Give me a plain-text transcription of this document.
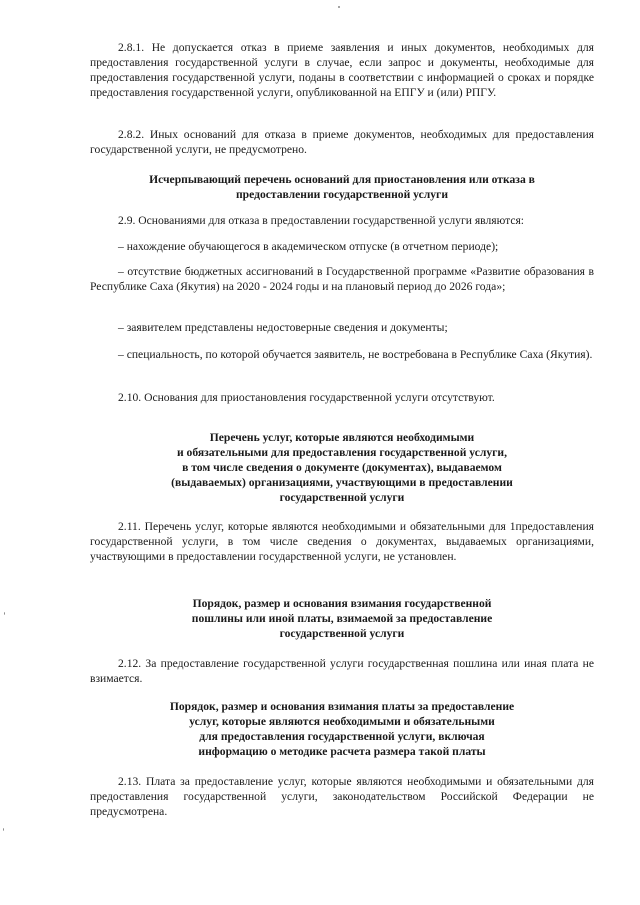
2.8.1. Не допускается отказ в приеме заявления и иных документов, необходимых для предоставления государственной услуги в случае, если запрос и документы, необходимые для предоставления государственной услуги, поданы в соответствии с информацией о сроках и порядке предоставления государственной услуги, опубликованной на ЕПГУ и (или) РПГУ.

2.8.2. Иных оснований для отказа в приеме документов, необходимых для предоставления государственной услуги, не предусмотрено.

Исчерпывающий перечень оснований для приостановления или отказа в
предоставлении государственной услуги

2.9. Основаниями для отказа в предоставлении государственной услуги являются:

– нахождение обучающегося в академическом отпуске (в отчетном периоде);

– отсутствие бюджетных ассигнований в Государственной программе «Развитие образования в Республике Саха (Якутия) на 2020 - 2024 годы и на плановый период до 2026 года»;

– заявителем представлены недостоверные сведения и документы;

– специальность, по которой обучается заявитель, не востребована в Республике Саха (Якутия).

2.10. Основания для приостановления государственной услуги отсутствуют.

Перечень услуг, которые являются необходимыми
и обязательными для предоставления государственной услуги,
в том числе сведения о документе (документах), выдаваемом
(выдаваемых) организациями, участвующими в предоставлении
государственной услуги

2.11. Перечень услуг, которые являются необходимыми и обязательными для 1предоставления государственной услуги, в том числе сведения о документах, выдаваемых организациями, участвующими в предоставлении государственной услуги, не установлен.

Порядок, размер и основания взимания государственной
пошлины или иной платы, взимаемой за предоставление
государственной услуги

2.12. За предоставление государственной услуги государственная пошлина или иная плата не взимается.

Порядок, размер и основания взимания платы за предоставление
услуг, которые являются необходимыми и обязательными
для предоставления государственной услуги, включая
информацию о методике расчета размера такой платы

2.13. Плата за предоставление услуг, которые являются необходимыми и обязательными для предоставления государственной услуги, законодательством Российской Федерации не предусмотрена.
